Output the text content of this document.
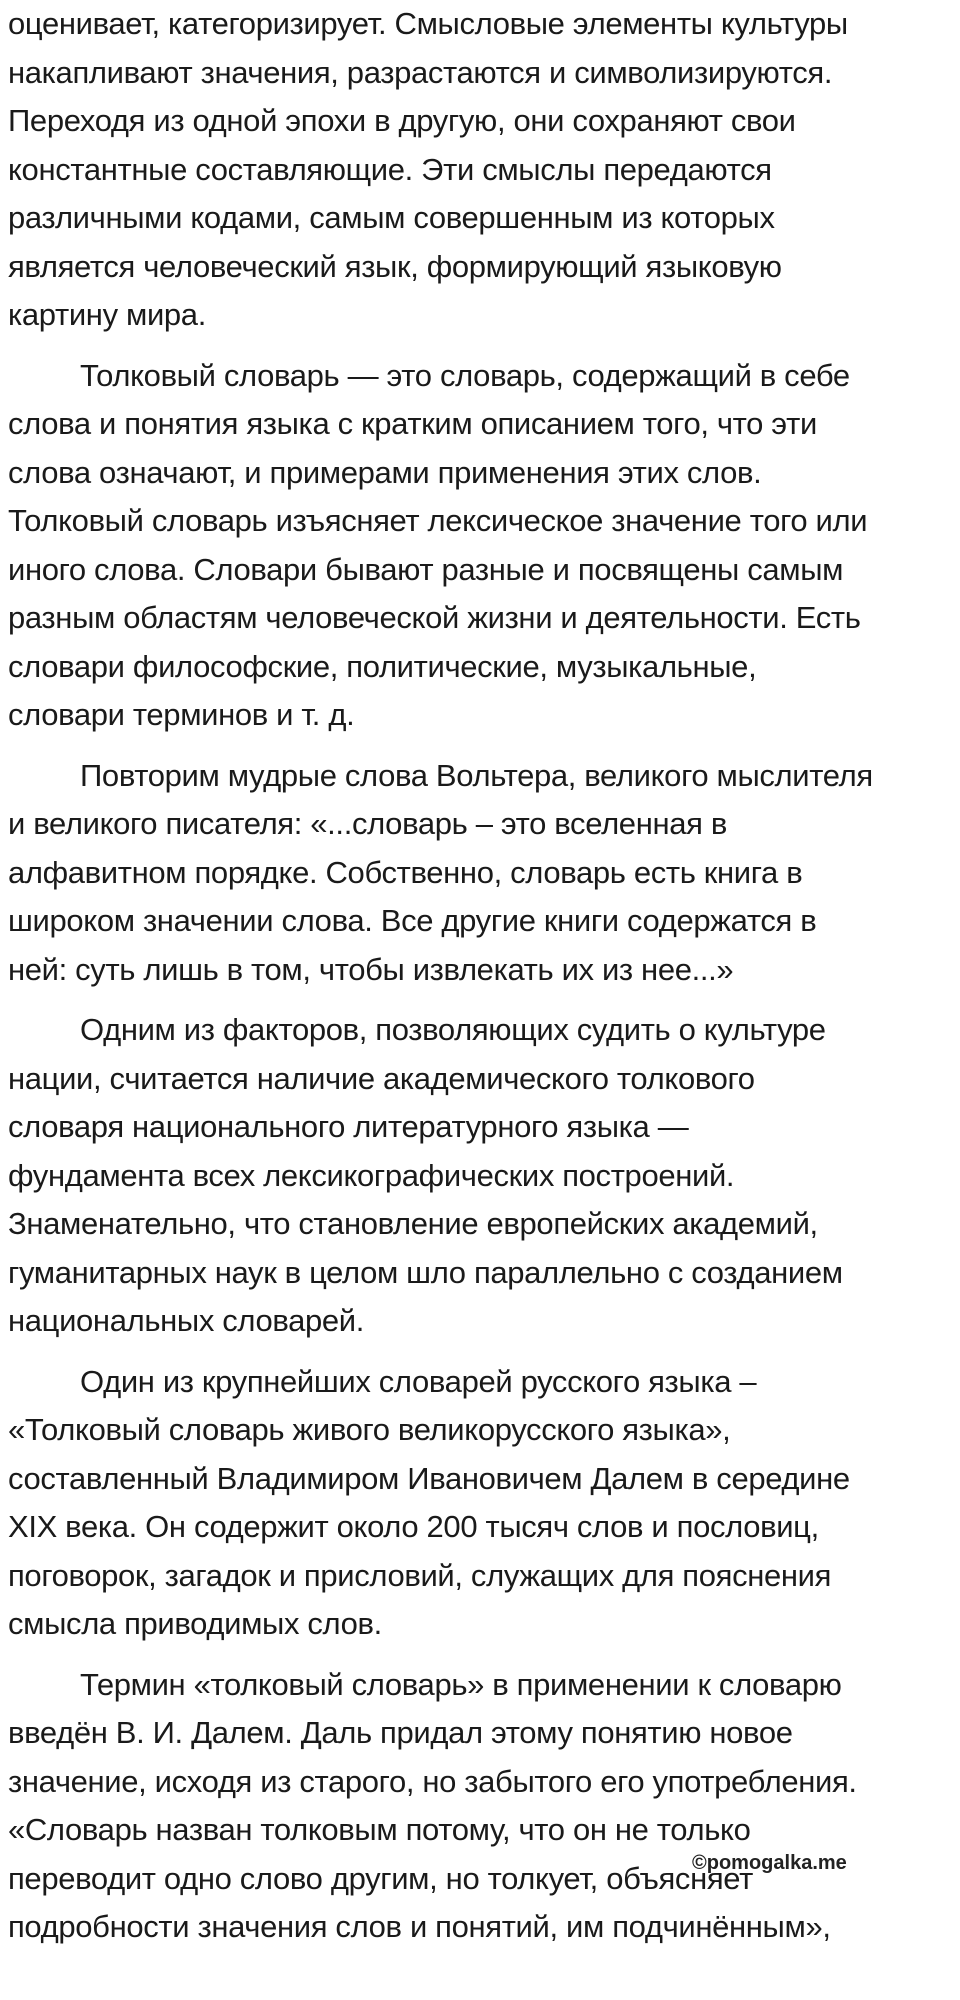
оценивает, категоризирует. Смысловые элементы культуры
накапливают значения, разрастаются и символизируются.
Переходя из одной эпохи в другую, они сохраняют свои
константные составляющие. Эти смыслы передаются
различными кодами, самым совершенным из которых
является человеческий язык, формирующий языковую
картину мира.

Толковый словарь — это словарь, содержащий в себе
слова и понятия языка с кратким описанием того, что эти
слова означают, и примерами применения этих слов.
Толковый словарь изъясняет лексическое значение того или
иного слова. Словари бывают разные и посвящены самым
разным областям человеческой жизни и деятельности. Есть
словари философские, политические, музыкальные,
словари терминов и т. д.

Повторим мудрые слова Вольтера, великого мыслителя
и великого писателя: «...словарь – это вселенная в
алфавитном порядке. Собственно, словарь есть книга в
широком значении слова. Все другие книги содержатся в
ней: суть лишь в том, чтобы извлекать их из нее...»

Одним из факторов, позволяющих судить о культуре
нации, считается наличие академического толкового
словаря национального литературного языка —
фундамента всех лексикографических построений.
Знаменательно, что становление европейских академий,
гуманитарных наук в целом шло параллельно с созданием
национальных словарей.

Один из крупнейших словарей русского языка –
«Толковый словарь живого великорусского языка»,
составленный Владимиром Ивановичем Далем в середине
XIX века. Он содержит около 200 тысяч слов и пословиц,
поговорок, загадок и присловий, служащих для пояснения
смысла приводимых слов.

Термин «толковый словарь» в применении к словарю
введён В. И. Далем. Даль придал этому понятию новое
значение, исходя из старого, но забытого его употребления.
«Словарь назван толковым потому, что он не только
переводит одно слово другим, но толкует, объясняет
подробности значения слов и понятий, им подчинённым»,

©pomogalka.me
